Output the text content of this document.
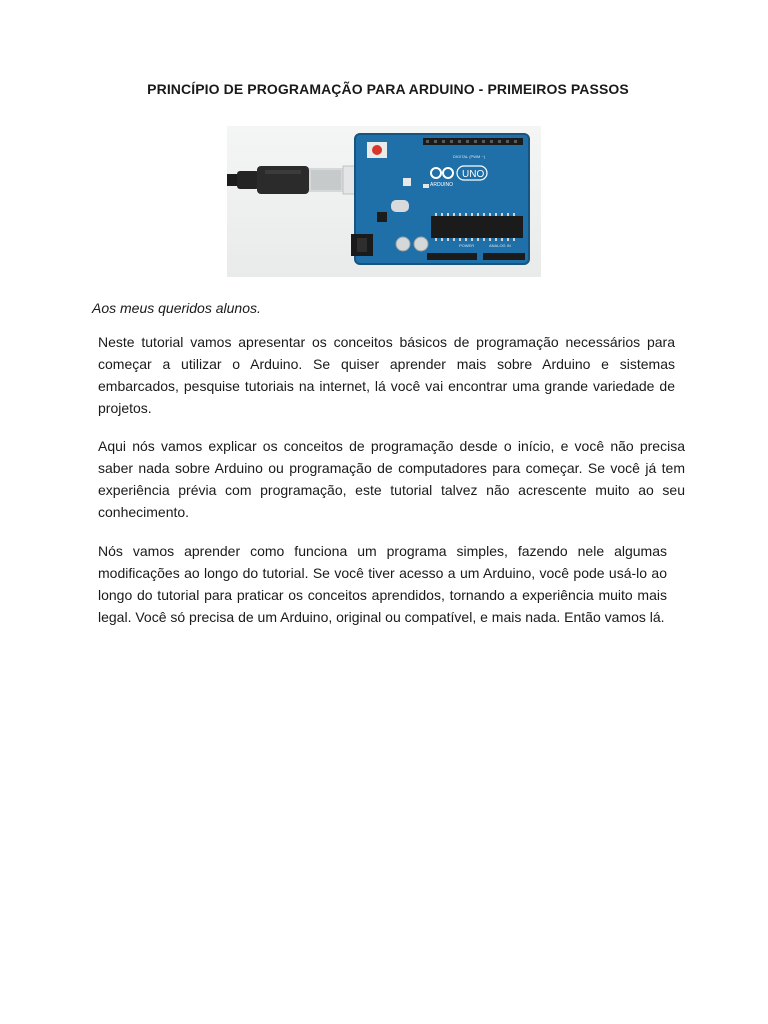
PRINCÍPIO DE PROGRAMAÇÃO PARA ARDUINO - PRIMEIROS PASSOS
DIGITAL (PWM ~)
UNO
ARDUINO
POWER	ANALOG IN
Aos meus queridos alunos.

Neste tutorial vamos apresentar os conceitos básicos de programação necessários para começar a utilizar o Arduino. Se quiser aprender mais sobre Arduino e sistemas embarcados, pesquise tutoriais na internet, lá você vai encontrar uma grande variedade de projetos.

Aqui nós vamos explicar os conceitos de programação desde o início, e você não precisa saber nada sobre Arduino ou programação de computadores para começar. Se você já tem experiência prévia com programação, este tutorial talvez não acrescente muito ao seu conhecimento.

Nós vamos aprender como funciona um programa simples, fazendo nele algumas modificações ao longo do tutorial. Se você tiver acesso a um Arduino, você pode usá-lo ao longo do tutorial para praticar os conceitos aprendidos, tornando a experiência muito mais legal. Você só precisa de um Arduino, original ou compatível, e mais nada. Então vamos lá.
